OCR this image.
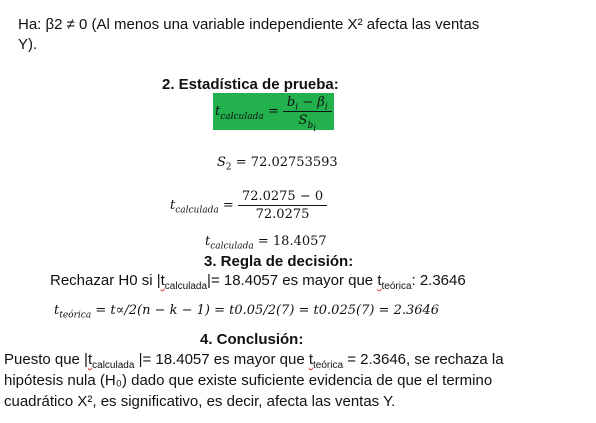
Ha: β2 ≠ 0 (Al menos una variable independiente X² afecta las ventas
Y).
2. Estadística de prueba:
$t_{calculada} = \frac{b_i - \beta_i}{S_{b_i}}$
$S_2 = 72.02753593$
$t_{calculada} = \frac{72.0275 - 0}{72.0275}$
$t_{calculada} = 18.4057$
3. Regla de decisión:
Rechazar H0 si $|t_{calculada}|= 18.4057$ es mayor que $t_{teórica}$: 2.3646
$t_{teórica} = t\propto/2(n - k - 1) = t0.05/2(7) = t0.025(7) = 2.3646$
4. Conclusión:
Puesto que $|t_{calculada}$ |= 18.4057 es mayor que $t_{teórica} = 2.3646$, se rechaza la
hipótesis nula (H₀) dado que existe suficiente evidencia de que el termino
cuadrático X², es significativo, es decir, afecta las ventas Y.
